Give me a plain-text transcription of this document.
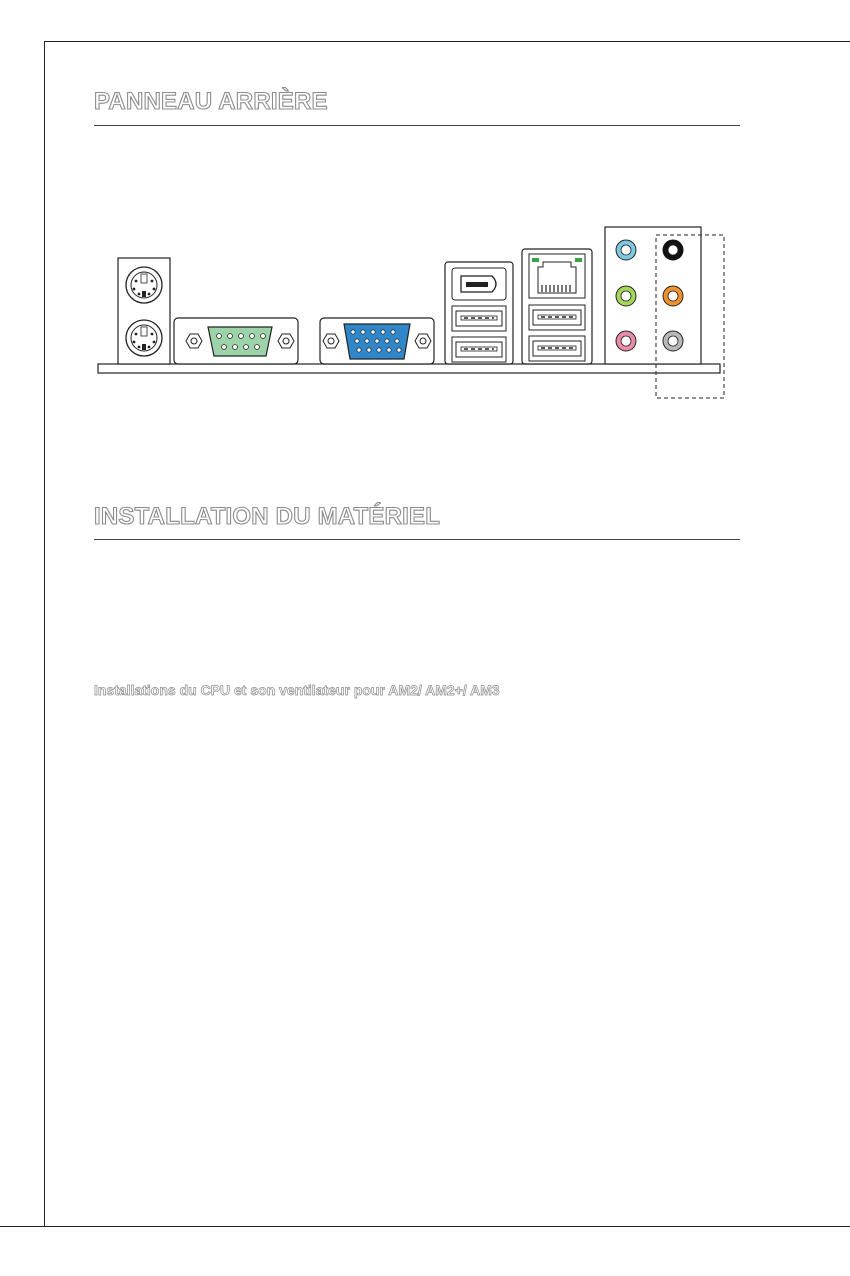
PANNEAU ARRIÈRE
INSTALLATION DU MATÉRIEL
Installations du CPU et son ventilateur pour AM2/ AM2+/ AM3
